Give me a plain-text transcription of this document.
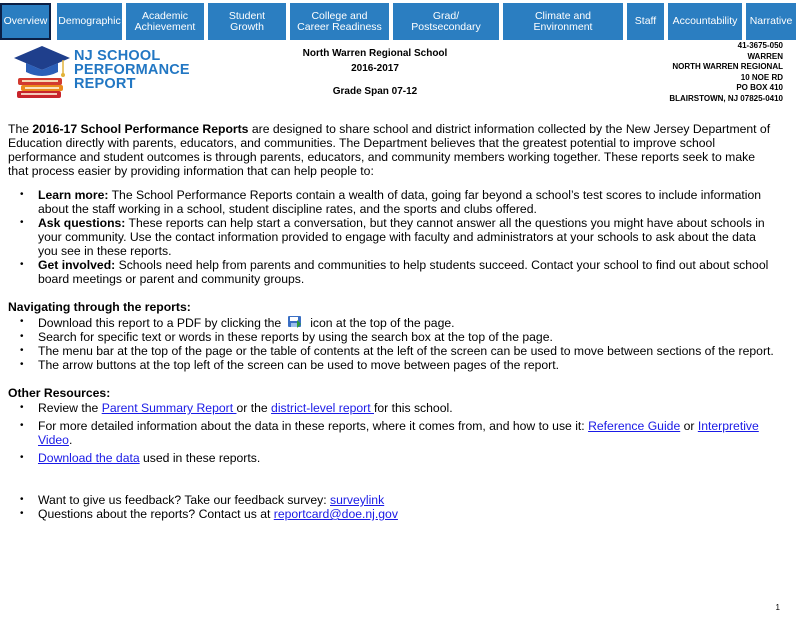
Overview	Demographic	Academic
Achievement
Student
Growth
College and
Career Readiness
Grad/
Postsecondary
Climate and
Environment	Staff	Accountability	Narrative
NJ SCHOOL
PERFORMANCE
REPORT
North Warren Regional School
2016-2017
Grade Span 07-12
41-3675-050
WARREN
NORTH WARREN REGIONAL
10 NOE RD
PO BOX 410
BLAIRSTOWN, NJ 07825-0410

The 2016-17 School Performance Reports are designed to share school and district information collected by the New Jersey Department of Education directly with parents, educators, and communities. The Department believes that the greatest potential to improve school performance and student outcomes is through parents, educators, and community members working together. These reports seek to make that process easier by providing information that can help people to:

• Learn more: The School Performance Reports contain a wealth of data, going far beyond a school’s test scores to include information about the staff working in a school, student discipline rates, and the sports and clubs offered.
• Ask questions: These reports can help start a conversation, but they cannot answer all the questions you might have about schools in your community. Use the contact information provided to engage with faculty and administrators at your schools to ask about the data you see in these reports.
• Get involved: Schools need help from parents and communities to help students succeed. Contact your school to find out about school board meetings or parent and community groups.
Navigating through the reports:
• Download this report to a PDF by clicking the icon at the top of the page.
• Search for specific text or words in these reports by using the search box at the top of the page.
• The menu bar at the top of the page or the table of contents at the left of the screen can be used to move between sections of the report.
• The arrow buttons at the top left of the screen can be used to move between pages of the report.
Other Resources:
• Review the Parent Summary Report or the district-level report for this school.
• For more detailed information about the data in these reports, where it comes from, and how to use it: Reference Guide or Interpretive Video.
• Download the data used in these reports.
• Want to give us feedback? Take our feedback survey: surveylink
• Questions about the reports? Contact us at reportcard@doe.nj.gov
1
